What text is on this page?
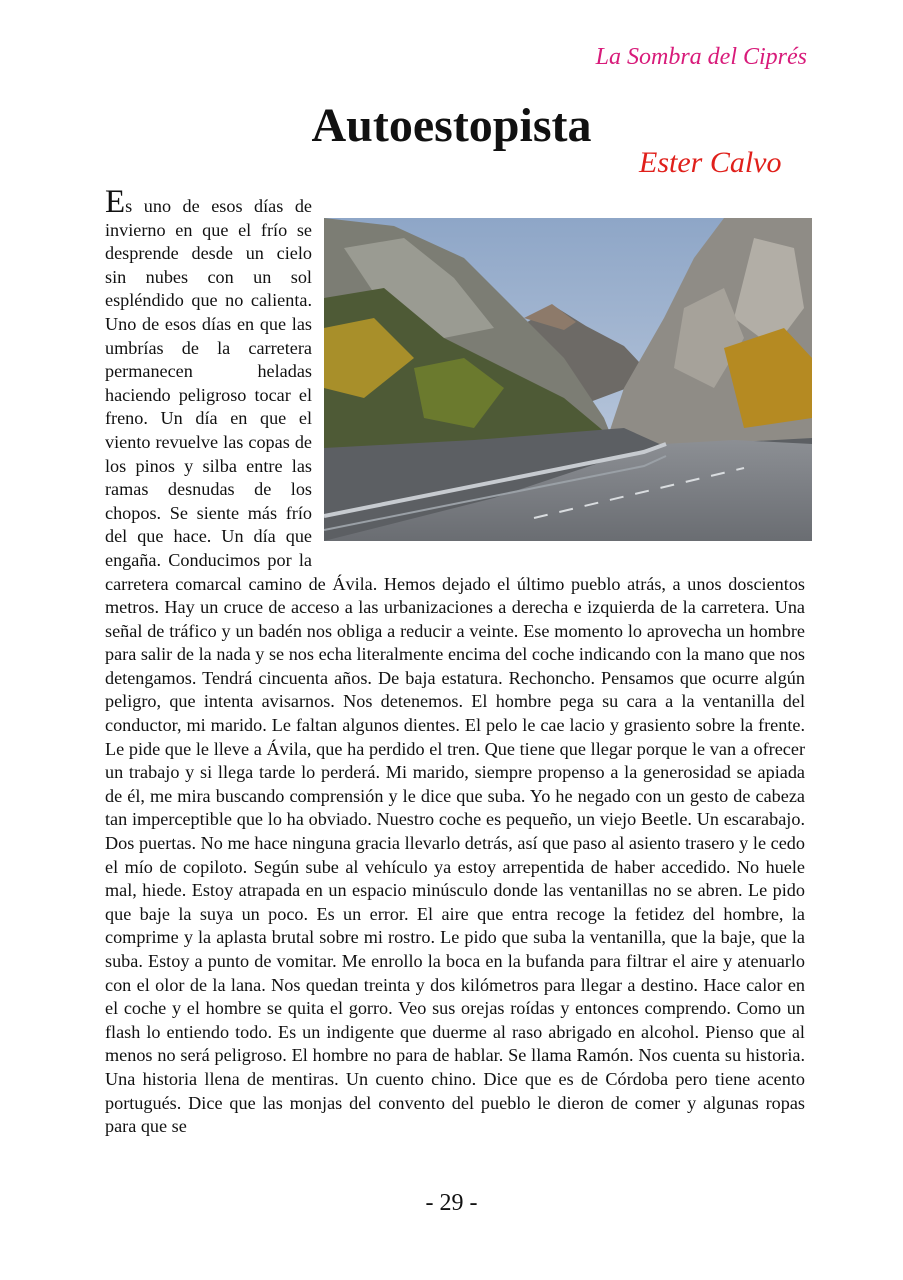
La Sombra del Ciprés
Autoestopista
Ester Calvo
Es uno de esos días de invierno en que el frío se desprende desde un cielo sin nubes con un sol espléndido que no calienta. Uno de esos días en que las umbrías de la carretera permanecen heladas haciendo peligroso tocar el freno. Un día en que el viento revuelve las copas de los pinos y silba entre las ramas desnudas de los chopos. Se siente más frío del que hace. Un día que engaña. Conducimos por la carretera comarcal camino de Ávila. Hemos dejado el último pueblo atrás, a unos doscientos metros. Hay un cruce de acceso a las urbanizaciones a derecha e izquierda de la carretera. Una señal de tráfico y un badén nos obliga a reducir a veinte. Ese momento lo aprovecha un hombre para salir de la nada y se nos echa literalmente encima del coche indicando con la mano que nos detengamos. Tendrá cincuenta años. De baja estatura. Rechoncho. Pensamos que ocurre algún peligro, que intenta avisarnos. Nos detenemos. El hombre pega su cara a la ventanilla del conductor, mi marido. Le faltan algunos dientes. El pelo le cae lacio y grasiento sobre la frente. Le pide que le lleve a Ávila, que ha perdido el tren. Que tiene que llegar porque le van a ofrecer un trabajo y si llega tarde lo perderá. Mi marido, siempre propenso a la generosidad se apiada de él, me mira buscando comprensión y le dice que suba. Yo he negado con un gesto de cabeza tan imperceptible que lo ha obviado. Nuestro coche es pequeño, un viejo Beetle. Un escarabajo. Dos puertas. No me hace ninguna gracia llevarlo detrás, así que paso al asiento trasero y le cedo el mío de copiloto. Según sube al vehículo ya estoy arrepentida de haber accedido. No huele mal, hiede. Estoy atrapada en un espacio minúsculo donde las ventanillas no se abren. Le pido que baje la suya un poco. Es un error. El aire que entra recoge la fetidez del hombre, la comprime y la aplasta brutal sobre mi rostro. Le pido que suba la ventanilla, que la baje, que la suba. Estoy a punto de vomitar. Me enrollo la boca en la bufanda para filtrar el aire y atenuarlo con el olor de la lana. Nos quedan treinta y dos kilómetros para llegar a destino. Hace calor en el coche y el hombre se quita el gorro. Veo sus orejas roídas y entonces comprendo. Como un flash lo entiendo todo. Es un indigente que duerme al raso abrigado en alcohol. Pienso que al menos no será peligroso. El hombre no para de hablar. Se llama Ramón. Nos cuenta su historia. Una historia llena de mentiras. Un cuento chino. Dice que es de Córdoba pero tiene acento portugués. Dice que las monjas del convento del pueblo le dieron de comer y algunas ropas para que se
- 29 -
